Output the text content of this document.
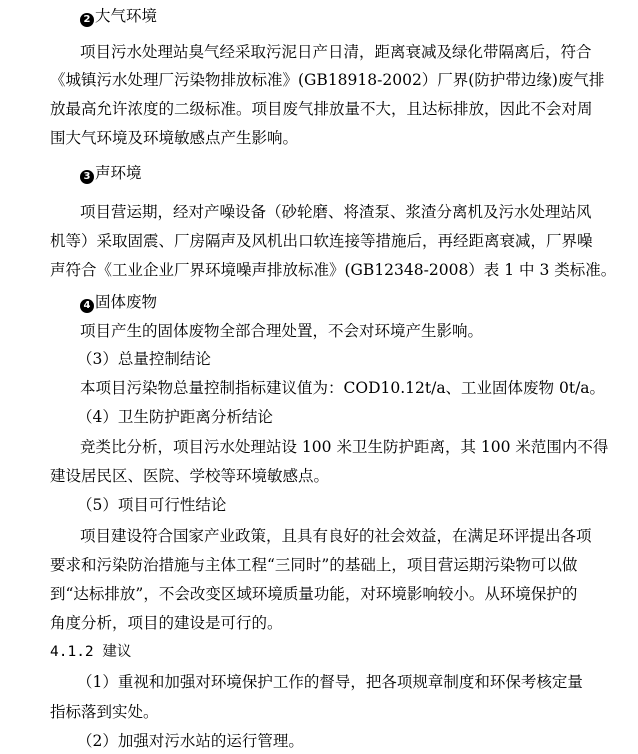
2 大气环境
项目污水处理站臭气经采取污泥日产日清，距离衰减及绿化带隔离后，符合
《城镇污水处理厂污染物排放标准》(GB18918-2002）厂界(防护带边缘)废气排
放最高允许浓度的二级标准。项目废气排放量不大，且达标排放，因此不会对周
围大气环境及环境敏感点产生影响。
3 声环境
项目营运期，经对产噪设备（砂轮磨、将渣泵、浆渣分离机及污水处理站风
机等）采取固震、厂房隔声及风机出口软连接等措施后，再经距离衰减，厂界噪
声符合《工业企业厂界环境噪声排放标准》(GB12348-2008）表 1 中 3 类标准。
4 固体废物
项目产生的固体废物全部合理处置，不会对环境产生影响。
（3）总量控制结论
本项目污染物总量控制指标建议值为：COD10.12t/a、工业固体废物 0t/a。
（4）卫生防护距离分析结论
竞类比分析，项目污水处理站设 100 米卫生防护距离，其 100 米范围内不得
建设居民区、医院、学校等环境敏感点。
（5）项目可行性结论
项目建设符合国家产业政策，且具有良好的社会效益，在满足环评提出各项
要求和污染防治措施与主体工程“三同时”的基础上，项目营运期污染物可以做
到“达标排放”，不会改变区域环境质量功能，对环境影响较小。从环境保护的
角度分析，项目的建设是可行的。
4.1.2 建议
（1）重视和加强对环境保护工作的督导，把各项规章制度和环保考核定量
指标落到实处。
（2）加强对污水站的运行管理。
